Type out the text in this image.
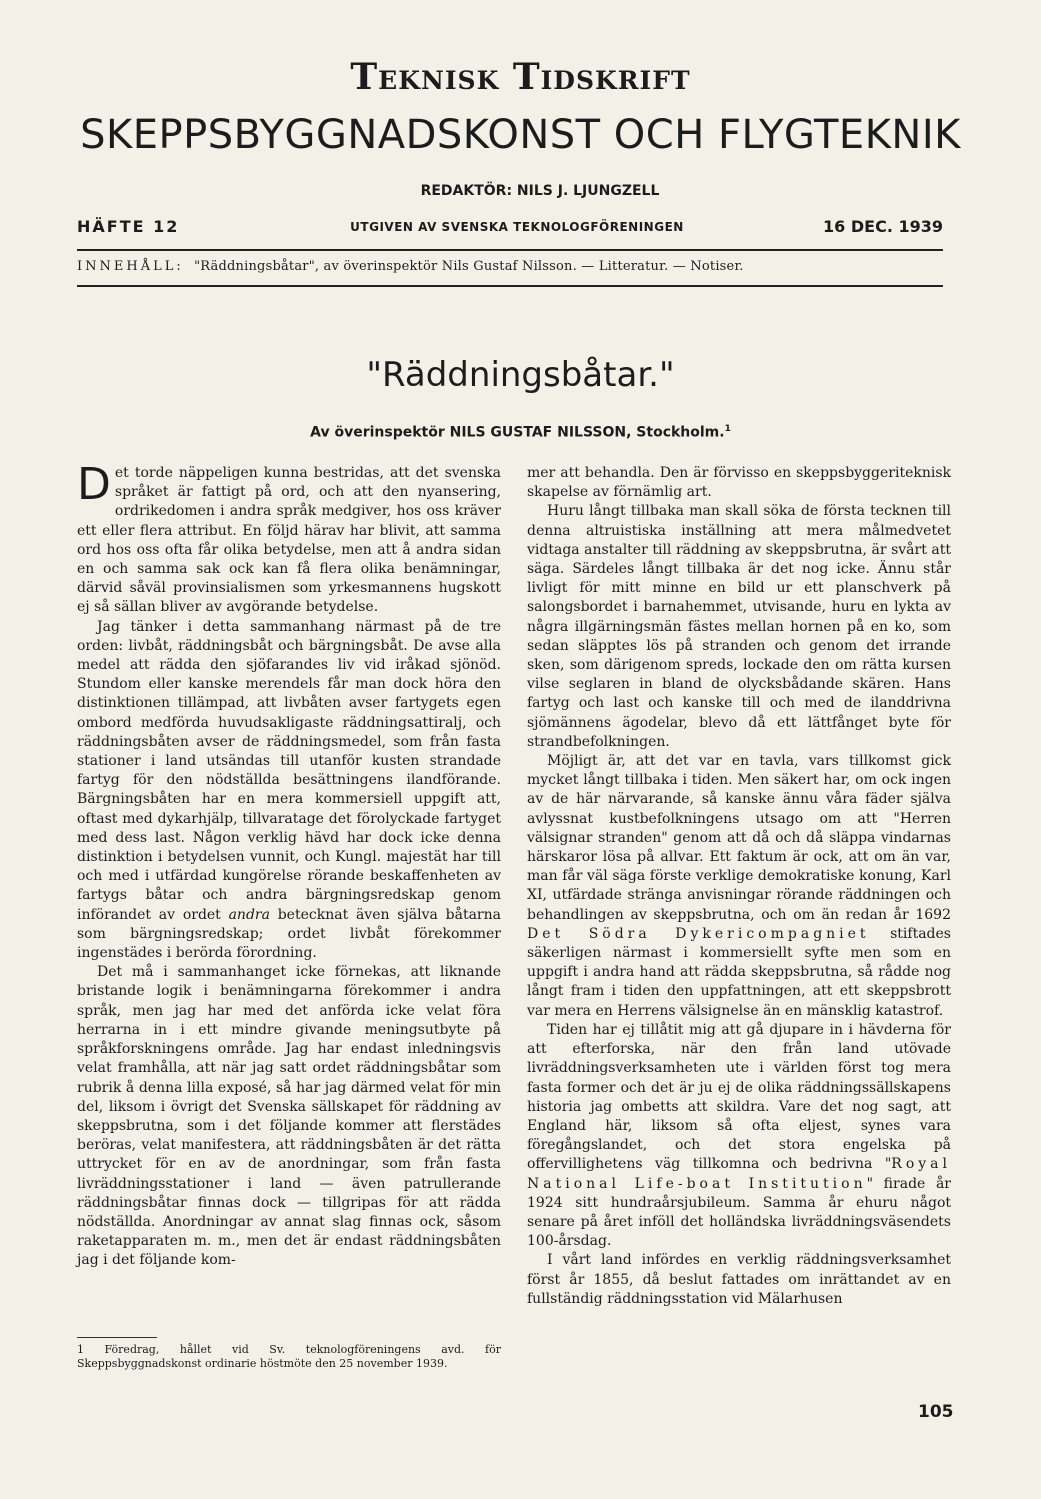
Teknisk Tidskrift
SKEPPSBYGGNADSKONST OCH FLYGTEKNIK
REDAKTÖR: NILS J. LJUNGZELL
HÄFTE 12	UTGIVEN AV SVENSKA TEKNOLOGFÖRENINGEN	16 DEC. 1939
INNEHÅLL: "Räddningsbåtar", av överinspektör Nils Gustaf Nilsson. — Litteratur. — Notiser.
"Räddningsbåtar."
Av överinspektör NILS GUSTAF NILSSON, Stockholm.$^1$

Det torde näppeligen kunna bestridas, att det svenska språket är fattigt på ord, och att den nyansering, ordrikedomen i andra språk medgiver, hos oss kräver ett eller flera attribut. En följd härav har blivit, att samma ord hos oss ofta får olika betydelse, men att å andra sidan en och samma sak ock kan få flera olika benämningar, därvid såväl provinsialismen som yrkesmannens hugskott ej så sällan bliver av avgörande betydelse.

Jag tänker i detta sammanhang närmast på de tre orden: livbåt, räddningsbåt och bärgningsbåt. De avse alla medel att rädda den sjöfarandes liv vid iråkad sjönöd. Stundom eller kanske merendels får man dock höra den distinktionen tillämpad, att livbåten avser fartygets egen ombord medförda huvudsakligaste räddningsattiralj, och räddningsbåten avser de räddningsmedel, som från fasta stationer i land utsändas till utanför kusten strandade fartyg för den nödställda besättningens ilandförande. Bärgningsbåten har en mera kommersiell uppgift att, oftast med dykarhjälp, tillvaratage det förolyckade fartyget med dess last. Någon verklig hävd har dock icke denna distinktion i betydelsen vunnit, och Kungl. majestät har till och med i utfärdad kungörelse rörande beskaffenheten av fartygs båtar och andra bärgningsredskap genom införandet av ordet andra betecknat även själva båtarna som bärgningsredskap; ordet livbåt förekommer ingenstädes i berörda förordning.

Det må i sammanhanget icke förnekas, att liknande bristande logik i benämningarna förekommer i andra språk, men jag har med det anförda icke velat föra herrarna in i ett mindre givande meningsutbyte på språkforskningens område. Jag har endast inledningsvis velat framhålla, att när jag satt ordet räddningsbåtar som rubrik å denna lilla exposé, så har jag därmed velat för min del, liksom i övrigt det Svenska sällskapet för räddning av skeppsbrutna, som i det följande kommer att flerstädes beröras, velat manifestera, att räddningsbåten är det rätta uttrycket för en av de anordningar, som från fasta livräddningsstationer i land — även patrullerande räddningsbåtar finnas dock — tillgripas för att rädda nödställda. Anordningar av annat slag finnas ock, såsom raketapparaten m. m., men det är endast räddningsbåten jag i det följande kom-

mer att behandla. Den är förvisso en skeppsbyggeriteknisk skapelse av förnämlig art.

Huru långt tillbaka man skall söka de första tecknen till denna altruistiska inställning att mera målmedvetet vidtaga anstalter till räddning av skeppsbrutna, är svårt att säga. Särdeles långt tillbaka är det nog icke. Ännu står livligt för mitt minne en bild ur ett planschverk på salongsbordet i barnahemmet, utvisande, huru en lykta av några illgärningsmän fästes mellan hornen på en ko, som sedan släpptes lös på stranden och genom det irrande sken, som därigenom spreds, lockade den om rätta kursen vilse seglaren in bland de olycksbådande skären. Hans fartyg och last och kanske till och med de ilanddrivna sjömännens ägodelar, blevo då ett lättfånget byte för strandbefolkningen.

Möjligt är, att det var en tavla, vars tillkomst gick mycket långt tillbaka i tiden. Men säkert har, om ock ingen av de här närvarande, så kanske ännu våra fäder själva avlyssnat kustbefolkningens utsago om att "Herren välsignar stranden" genom att då och då släppa vindarnas härskaror lösa på allvar. Ett faktum är ock, att om än var, man får väl säga förste verklige demokratiske konung, Karl XI, utfärdade stränga anvisningar rörande räddningen och behandlingen av skeppsbrutna, och om än redan år 1692 Det Södra Dykericompagniet stiftades säkerligen närmast i kommersiellt syfte men som en uppgift i andra hand att rädda skeppsbrutna, så rådde nog långt fram i tiden den uppfattningen, att ett skeppsbrott var mera en Herrens välsignelse än en mänsklig katastrof.

Tiden har ej tillåtit mig att gå djupare in i hävderna för att efterforska, när den från land utövade livräddningsverksamheten ute i världen först tog mera fasta former och det är ju ej de olika räddningssällskapens historia jag ombetts att skildra. Vare det nog sagt, att England här, liksom så ofta eljest, synes vara föregångslandet, och det stora engelska på offervillighetens väg tillkomna och bedrivna "Royal National Life-boat Institution" firade år 1924 sitt hundraårsjubileum. Samma år ehuru något senare på året inföll det holländska livräddningsväsendets 100-årsdag.

I vårt land infördes en verklig räddningsverksamhet först år 1855, då beslut fattades om inrättandet av en fullständig räddningsstation vid Mälarhusen

1 Föredrag, hållet vid Sv. teknologföreningens avd. för Skeppsbyggnadskonst ordinarie höstmöte den 25 november 1939.
105
